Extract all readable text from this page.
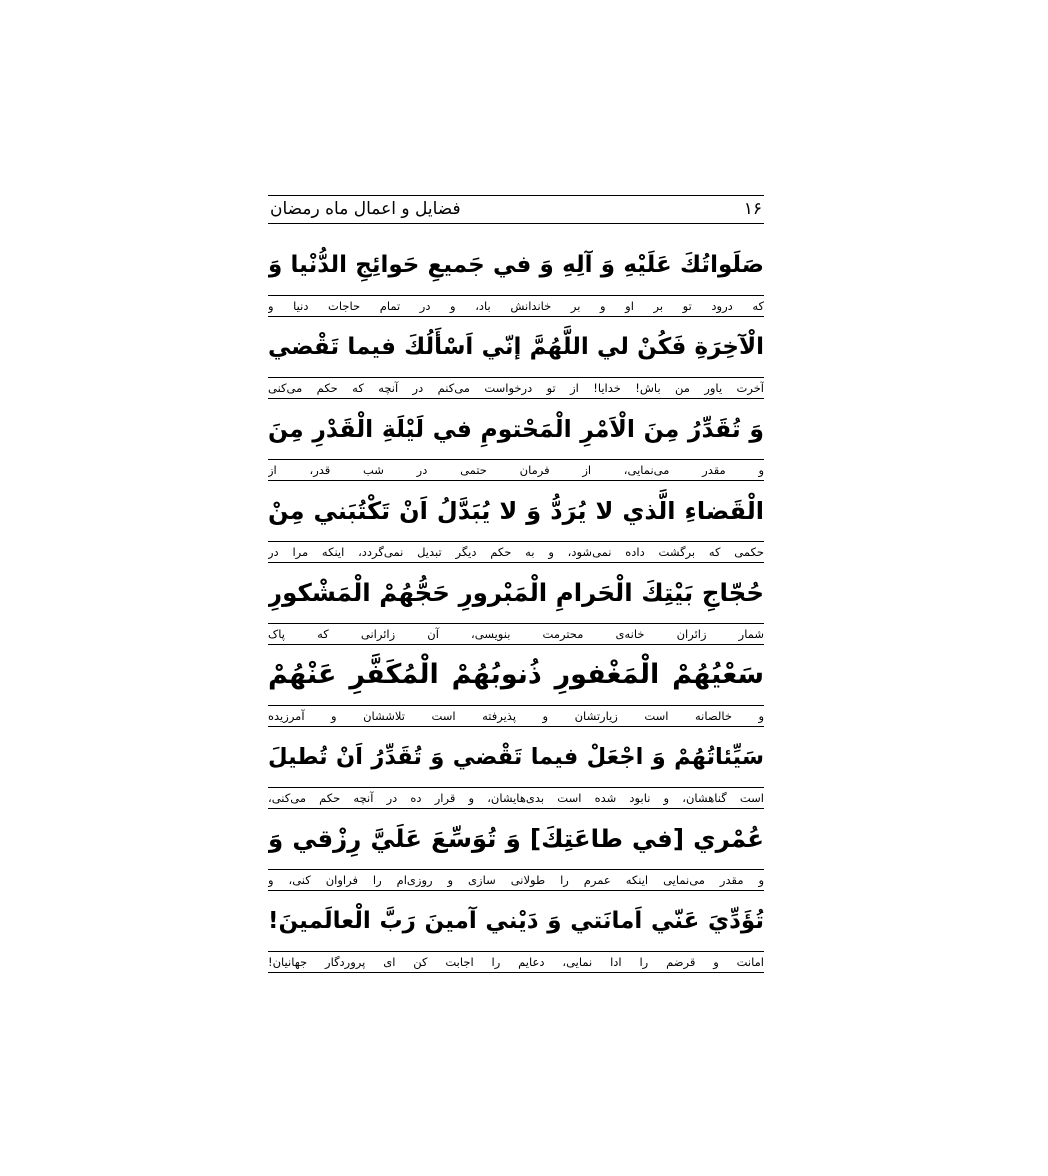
۱۶
فضایل و اعمال ماه رمضان
صَلَواتُكَ عَلَيْهِ وَ آلِهِ وَ في جَميعِ حَوائِجِ الدُّنْيا وَ
که درود تو بر او و بر خاندانش باد، و در تمام حاجات دنیا و
الْآخِرَةِ فَكُنْ لي اللَّهُمَّ إنّي اَسْأَلُكَ فيما تَقْضي
آخرت یاور من باش! خدایا! از تو درخواست می‌کنم در آنچه که حکم می‌کنی
وَ تُقَدِّرُ مِنَ الْاَمْرِ الْمَحْتومِ في لَيْلَةِ الْقَدْرِ مِنَ
و مقدر می‌نمایی، از فرمان حتمی در شب قدر، از
الْقَضاءِ الَّذي لا يُرَدُّ وَ لا يُبَدَّلُ اَنْ تَكْتُبَني مِنْ
حکمی که برگشت داده نمی‌شود، و به حکم دیگر تبدیل نمی‌گردد، اینکه مرا در
حُجّاجِ بَيْتِكَ الْحَرامِ الْمَبْرورِ حَجُّهُمْ الْمَشْكورِ
شمار زائران خانه‌ی محترمت بنویسی، آن زائرانی که پاک
سَعْيُهُمْ الْمَغْفورِ ذُنوبُهُمْ الْمُكَفَّرِ عَنْهُمْ
و خالصانه است زیارتشان و پذیرفته است تلاششان و آمرزیده
سَيِّئاتُهُمْ وَ اجْعَلْ فيما تَقْضي وَ تُقَدِّرُ اَنْ تُطيلَ
است گناهشان، و نابود شده است بدی‌هایشان، و قرار ده در آنچه حکم می‌کنی،
عُمْري [في طاعَتِكَ] وَ تُوَسِّعَ عَلَيَّ رِزْقي وَ
و مقدر می‌نمایی اینکه عمرم را طولانی سازی و روزی‌ام را فراوان کنی، و
تُؤَدِّيَ عَنّي اَمانَتي وَ دَيْني آمينَ رَبَّ الْعالَمينَ!
امانت و قرضم را ادا نمایی، دعایم را اجابت کن ای پروردگار جهانیان!
